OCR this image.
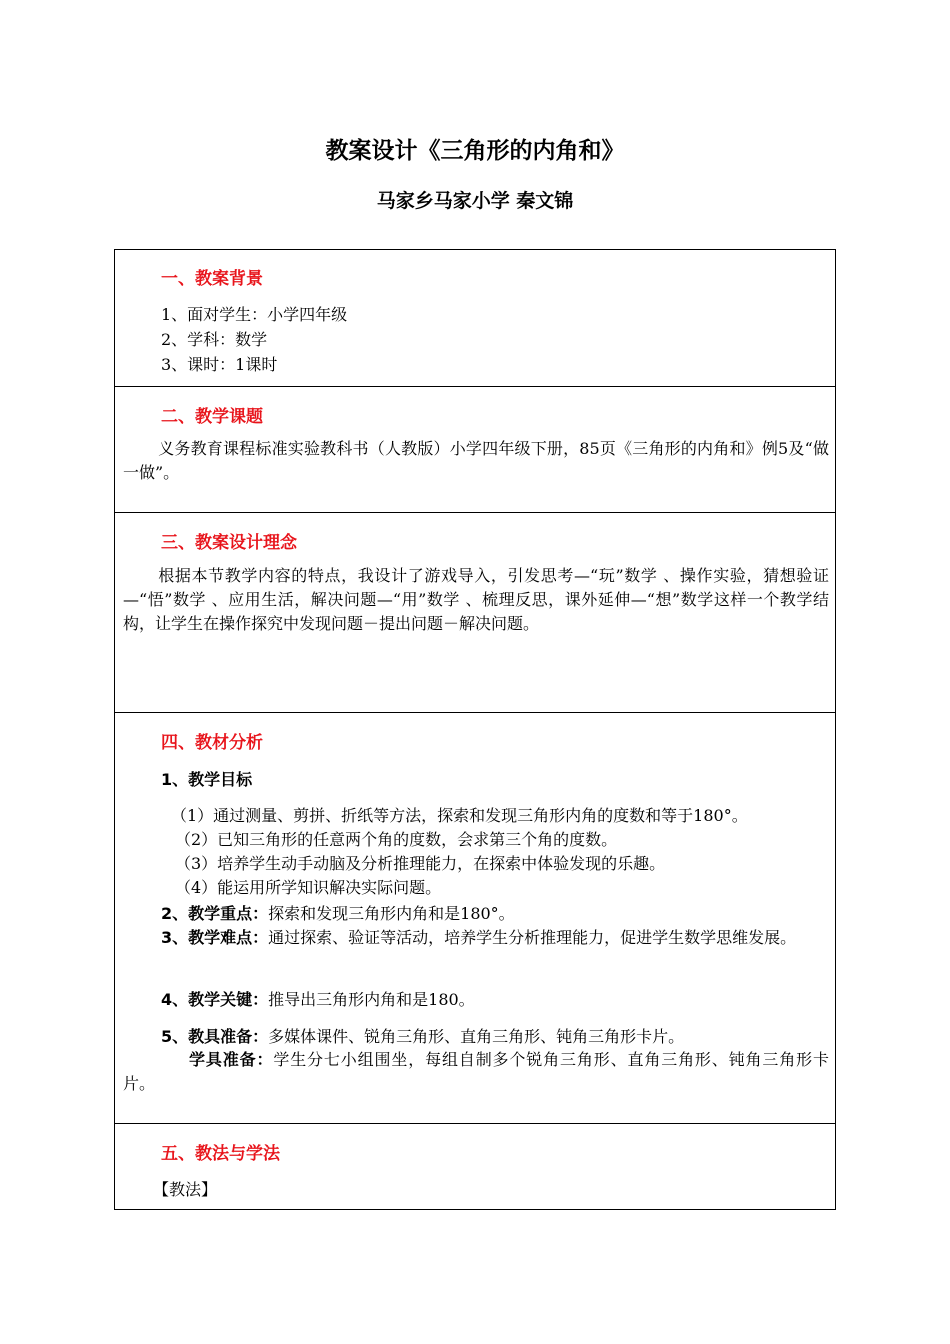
教案设计《三角形的内角和》
马家乡马家小学 秦文锦
一、教案背景
1、面对学生：小学四年级
2、学科：数学
3、课时：1课时
二、教学课题
义务教育课程标准实验教科书（人教版）小学四年级下册，85页《三角形的内角和》例5及“做一做”。
三、教案设计理念
根据本节教学内容的特点，我设计了游戏导入，引发思考—“玩”数学 、操作实验，猜想验证—“悟”数学 、应用生活，解决问题—“用”数学 、梳理反思，课外延伸—“想”数学这样一个教学结构，让学生在操作探究中发现问题－提出问题－解决问题。
四、教材分析
1、教学目标
（1）通过测量、剪拼、折纸等方法，探索和发现三角形内角的度数和等于180°。
（2）已知三角形的任意两个角的度数，会求第三个角的度数。
（3）培养学生动手动脑及分析推理能力，在探索中体验发现的乐趣。
（4）能运用所学知识解决实际问题。
2、教学重点：探索和发现三角形内角和是180°。
3、教学难点：通过探索、验证等活动，培养学生分析推理能力，促进学生数学思维发展。
4、教学关键：推导出三角形内角和是180。
5、教具准备：多媒体课件、锐角三角形、直角三角形、钝角三角形卡片。
学具准备：学生分七小组围坐，每组自制多个锐角三角形、直角三角形、钝角三角形卡片。
五、教法与学法
【教法】
